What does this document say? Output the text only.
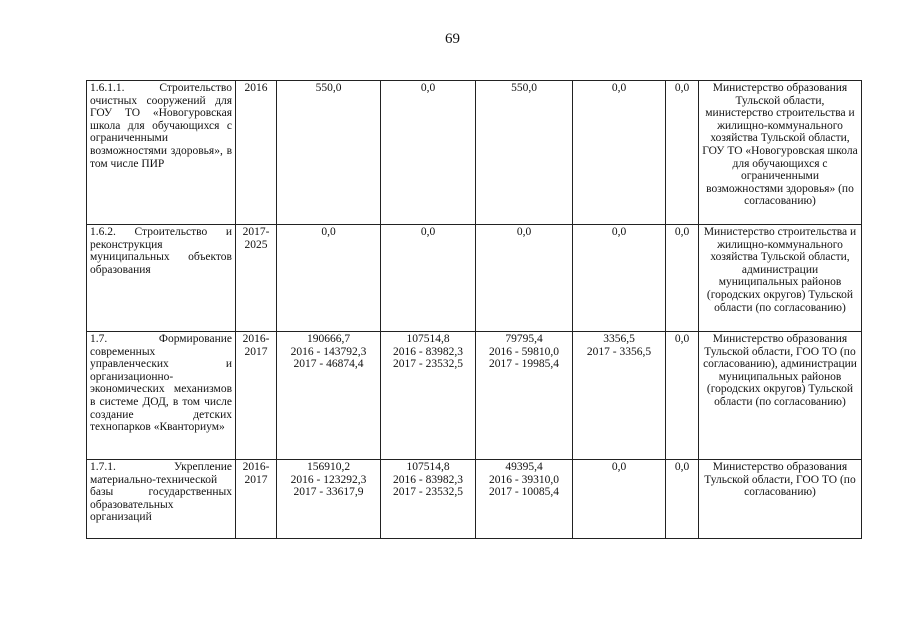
69
1.6.1.1. Строительство очистных сооружений для ГОУ ТО «Новогуровская школа для обучающихся с ограниченными возможностями здоровья», в том числе ПИР	2016	550,0	0,0	550,0	0,0	0,0	Министерство образования Тульской области, министерство строительства и жилищно-коммунального хозяйства Тульской области, ГОУ ТО «Новогуровская школа для обучающихся с ограниченными возможностями здоровья» (по согласованию)

1.6.2. Строительство и реконструкция муниципальных объектов образования	2017-2025	0,0	0,0	0,0	0,0	0,0	Министерство строительства и жилищно-коммунального хозяйства Тульской области, администрации муниципальных районов (городских округов) Тульской области (по согласованию)

1.7. Формирование современных управленческих и организационно-экономических механизмов в системе ДОД, в том числе создание детских технопарков «Кванториум»	2016-2017	190666,7
2016 - 143792,3
2017 - 46874,4	107514,8
2016 - 83982,3
2017 - 23532,5	79795,4
2016 - 59810,0
2017 - 19985,4	3356,5
2017 - 3356,5	0,0	Министерство образования Тульской области, ГОО ТО (по согласованию), администрации муниципальных районов (городских округов) Тульской области (по согласованию)

1.7.1. Укрепление материально-технической базы государственных образовательных организаций	2016-2017	156910,2
2016 - 123292,3
2017 - 33617,9	107514,8
2016 - 83982,3
2017 - 23532,5	49395,4
2016 - 39310,0
2017 - 10085,4	0,0	0,0	Министерство образования Тульской области, ГОО ТО (по согласованию)
